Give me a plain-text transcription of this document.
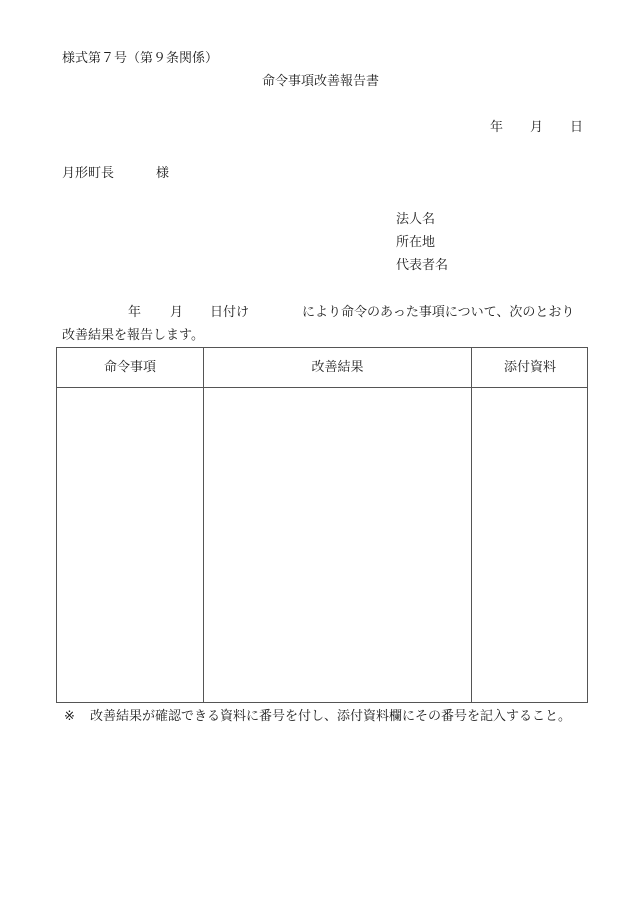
様式第７号（第９条関係）
命令事項改善報告書
年 月 日
月形町長	様
法人名
所在地
代表者名
年 月 日付け	により命令のあった事項について、次のとおり
改善結果を報告します。
命令事項	改善結果	添付資料
※ 改善結果が確認できる資料に番号を付し、添付資料欄にその番号を記入すること。
